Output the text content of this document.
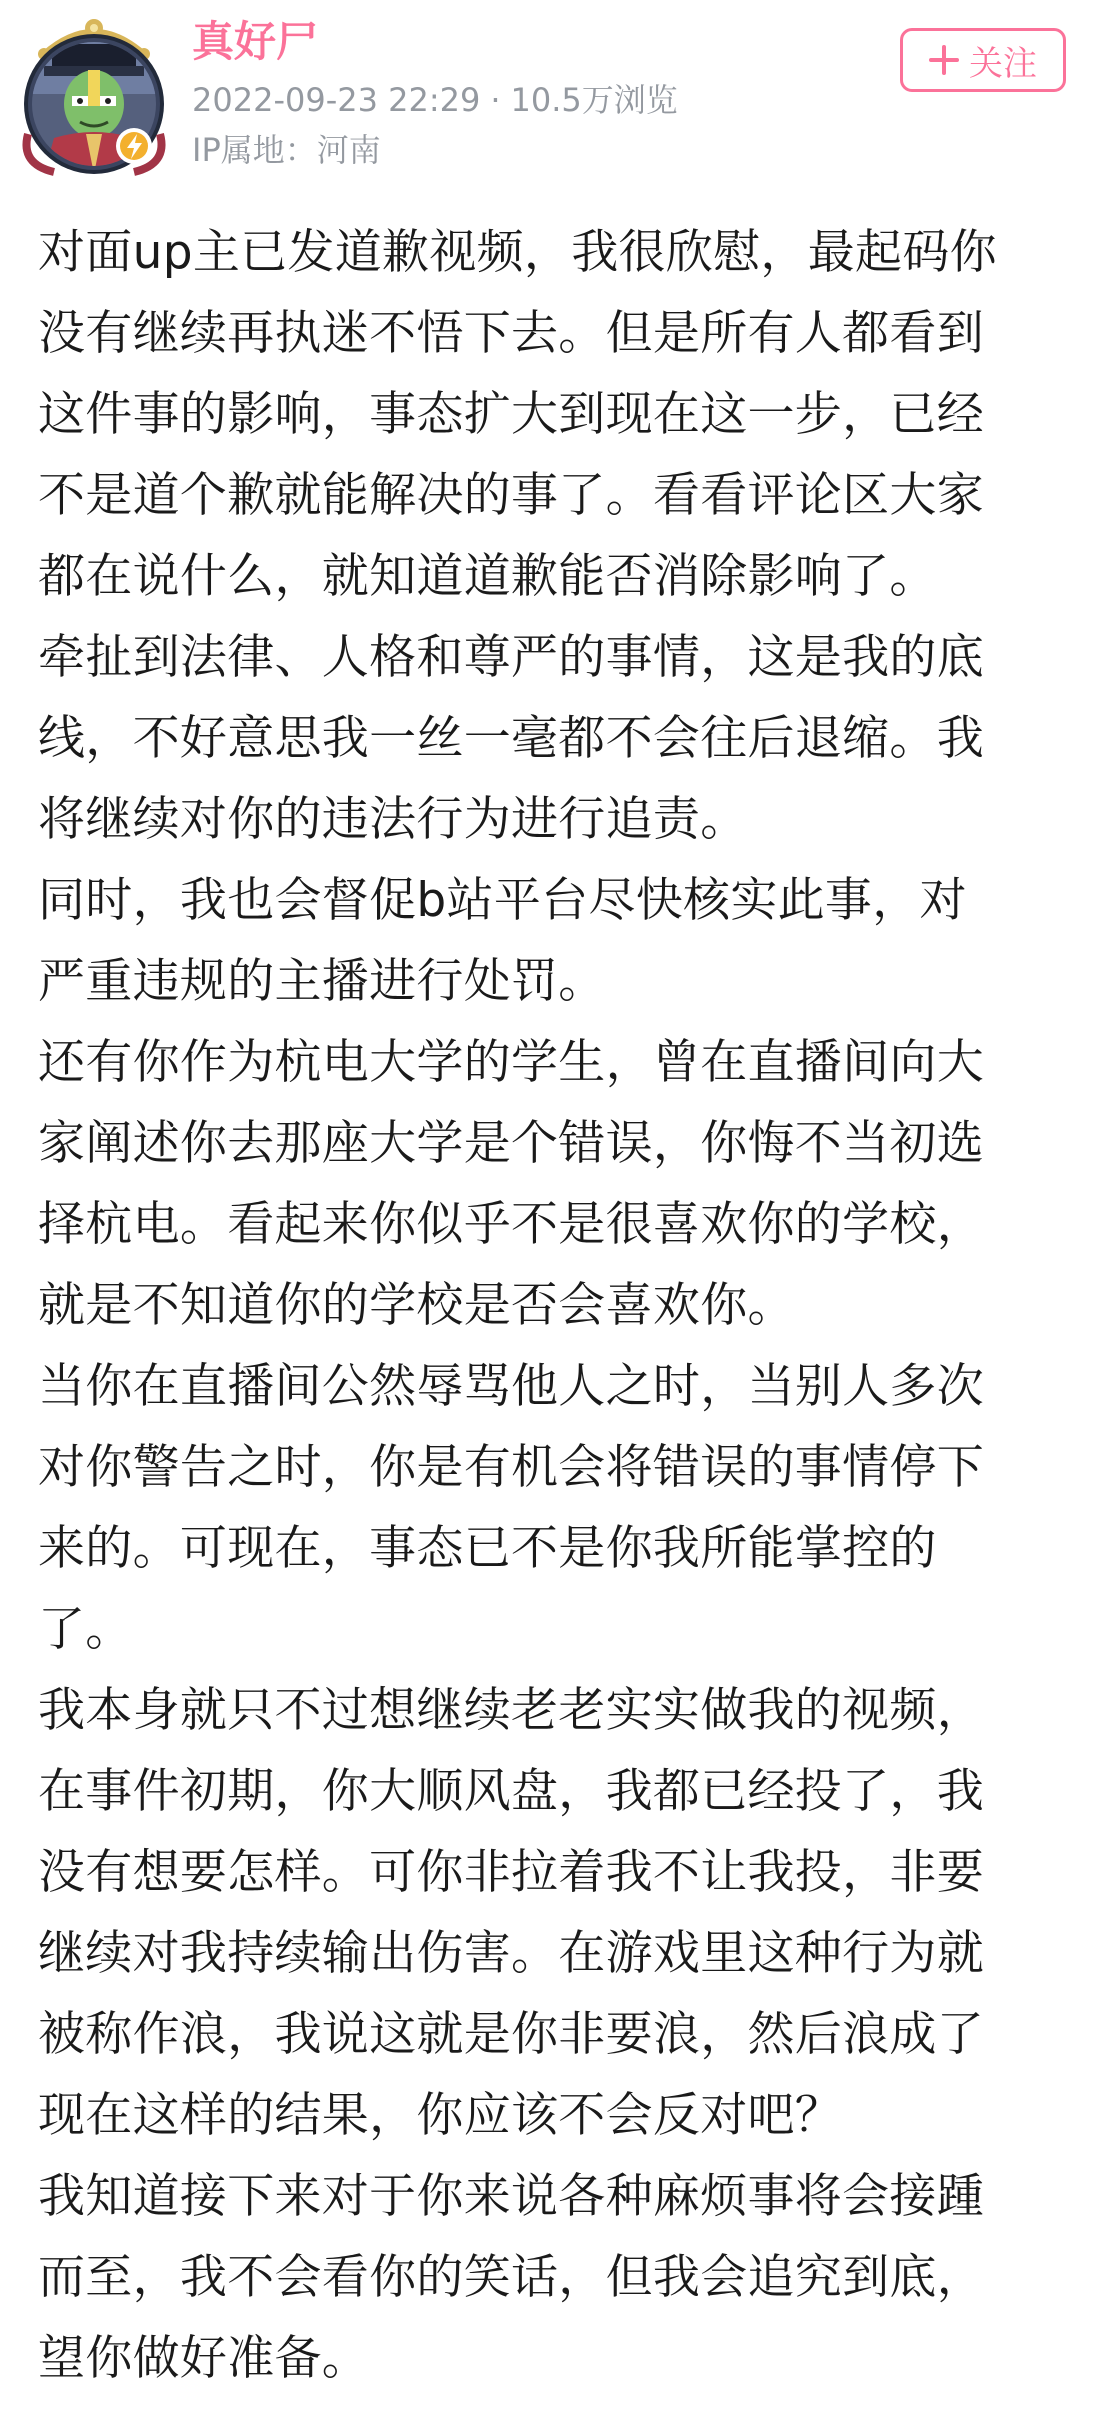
真好尸
2022-09-23 22:29 · 10.5万浏览
IP属地：河南
关注

对面up主已发道歉视频，我很欣慰，最起码你

没有继续再执迷不悟下去。但是所有人都看到

这件事的影响，事态扩大到现在这一步，已经

不是道个歉就能解决的事了。看看评论区大家

都在说什么，就知道道歉能否消除影响了。

牵扯到法律、人格和尊严的事情，这是我的底

线，不好意思我一丝一毫都不会往后退缩。我

将继续对你的违法行为进行追责。

同时，我也会督促b站平台尽快核实此事，对

严重违规的主播进行处罚。

还有你作为杭电大学的学生，曾在直播间向大

家阐述你去那座大学是个错误，你悔不当初选

择杭电。看起来你似乎不是很喜欢你的学校，

就是不知道你的学校是否会喜欢你。

当你在直播间公然辱骂他人之时，当别人多次

对你警告之时，你是有机会将错误的事情停下

来的。可现在，事态已不是你我所能掌控的

了。

我本身就只不过想继续老老实实做我的视频，

在事件初期，你大顺风盘，我都已经投了，我

没有想要怎样。可你非拉着我不让我投，非要

继续对我持续输出伤害。在游戏里这种行为就

被称作浪，我说这就是你非要浪，然后浪成了

现在这样的结果，你应该不会反对吧？

我知道接下来对于你来说各种麻烦事将会接踵

而至，我不会看你的笑话，但我会追究到底，

望你做好准备。
